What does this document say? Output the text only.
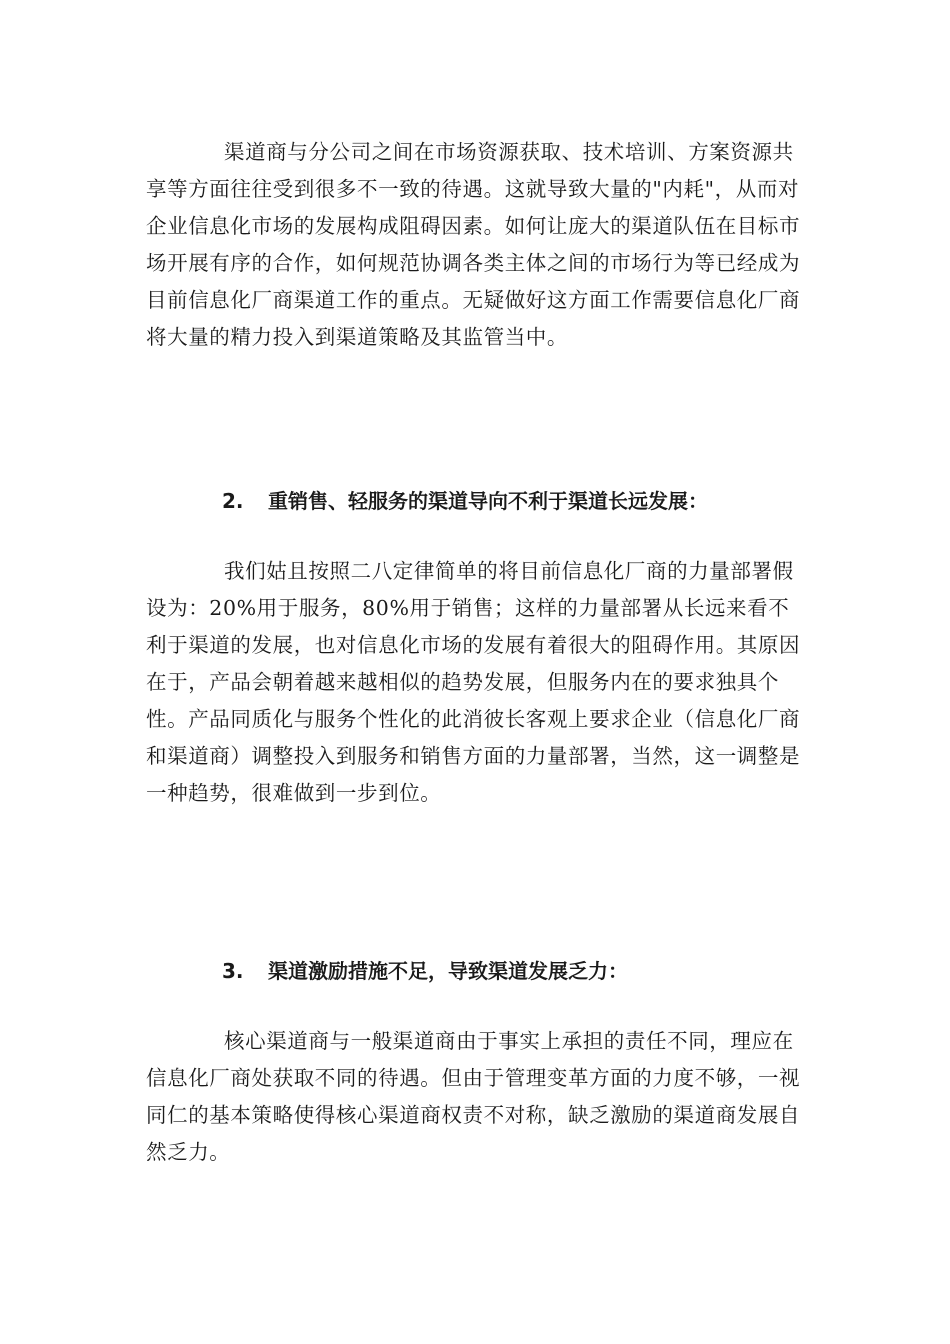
渠道商与分公司之间在市场资源获取、技术培训、方案资源共享等方面往往受到很多不一致的待遇。这就导致大量的"内耗"，从而对企业信息化市场的发展构成阻碍因素。如何让庞大的渠道队伍在目标市场开展有序的合作，如何规范协调各类主体之间的市场行为等已经成为目前信息化厂商渠道工作的重点。无疑做好这方面工作需要信息化厂商将大量的精力投入到渠道策略及其监管当中。

2. 重销售、轻服务的渠道导向不利于渠道长远发展：

我们姑且按照二八定律简单的将目前信息化厂商的力量部署假设为：20%用于服务，80%用于销售；这样的力量部署从长远来看不利于渠道的发展，也对信息化市场的发展有着很大的阻碍作用。其原因在于，产品会朝着越来越相似的趋势发展，但服务内在的要求独具个性。产品同质化与服务个性化的此消彼长客观上要求企业（信息化厂商和渠道商）调整投入到服务和销售方面的力量部署，当然，这一调整是一种趋势，很难做到一步到位。

3. 渠道激励措施不足，导致渠道发展乏力：

核心渠道商与一般渠道商由于事实上承担的责任不同，理应在信息化厂商处获取不同的待遇。但由于管理变革方面的力度不够，一视同仁的基本策略使得核心渠道商权责不对称，缺乏激励的渠道商发展自然乏力。
